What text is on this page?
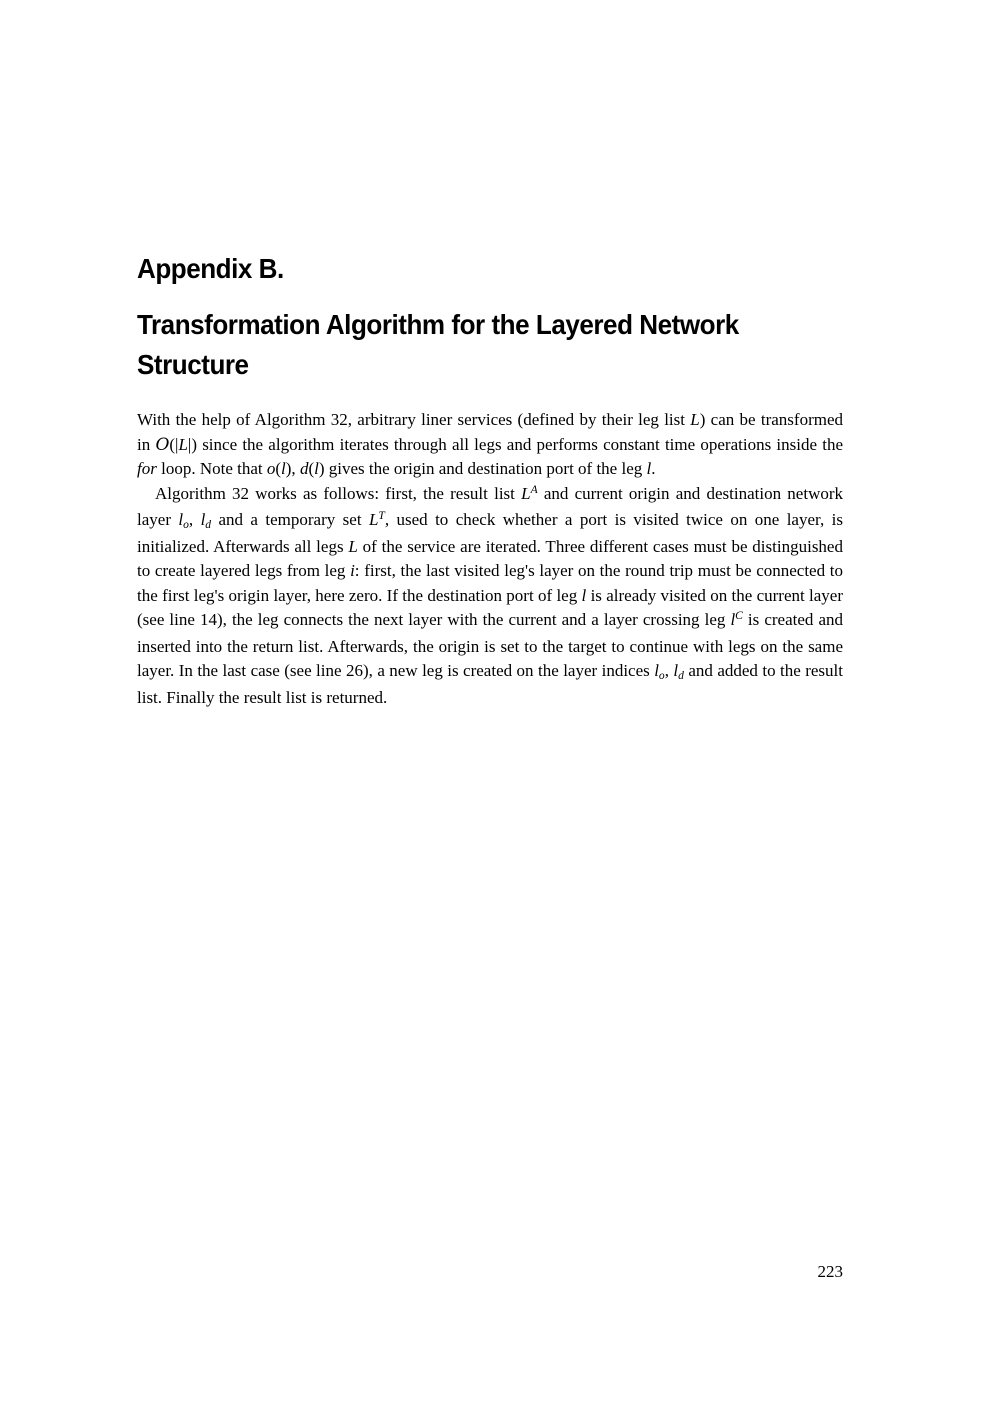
Appendix B.
Transformation Algorithm for the Layered Network
Structure

With the help of Algorithm 32, arbitrary liner services (defined by their leg list L) can be transformed in O(|L|) since the algorithm iterates through all legs and performs constant time operations inside the for loop. Note that o(l), d(l) gives the origin and destination port of the leg l.

Algorithm 32 works as follows: first, the result list $L^A$ and current origin and destination network layer lo, ld and a temporary set $L^T$, used to check whether a port is visited twice on one layer, is initialized. Afterwards all legs L of the service are iterated. Three different cases must be distinguished to create layered legs from leg i: first, the last visited leg's layer on the round trip must be connected to the first leg's origin layer, here zero. If the destination port of leg l is already visited on the current layer (see line 14), the leg connects the next layer with the current and a layer crossing leg $l^C$ is created and inserted into the return list. Afterwards, the origin is set to the target to continue with legs on the same layer. In the last case (see line 26), a new leg is created on the layer indices lo, ld and added to the result list. Finally the result list is returned.

223
